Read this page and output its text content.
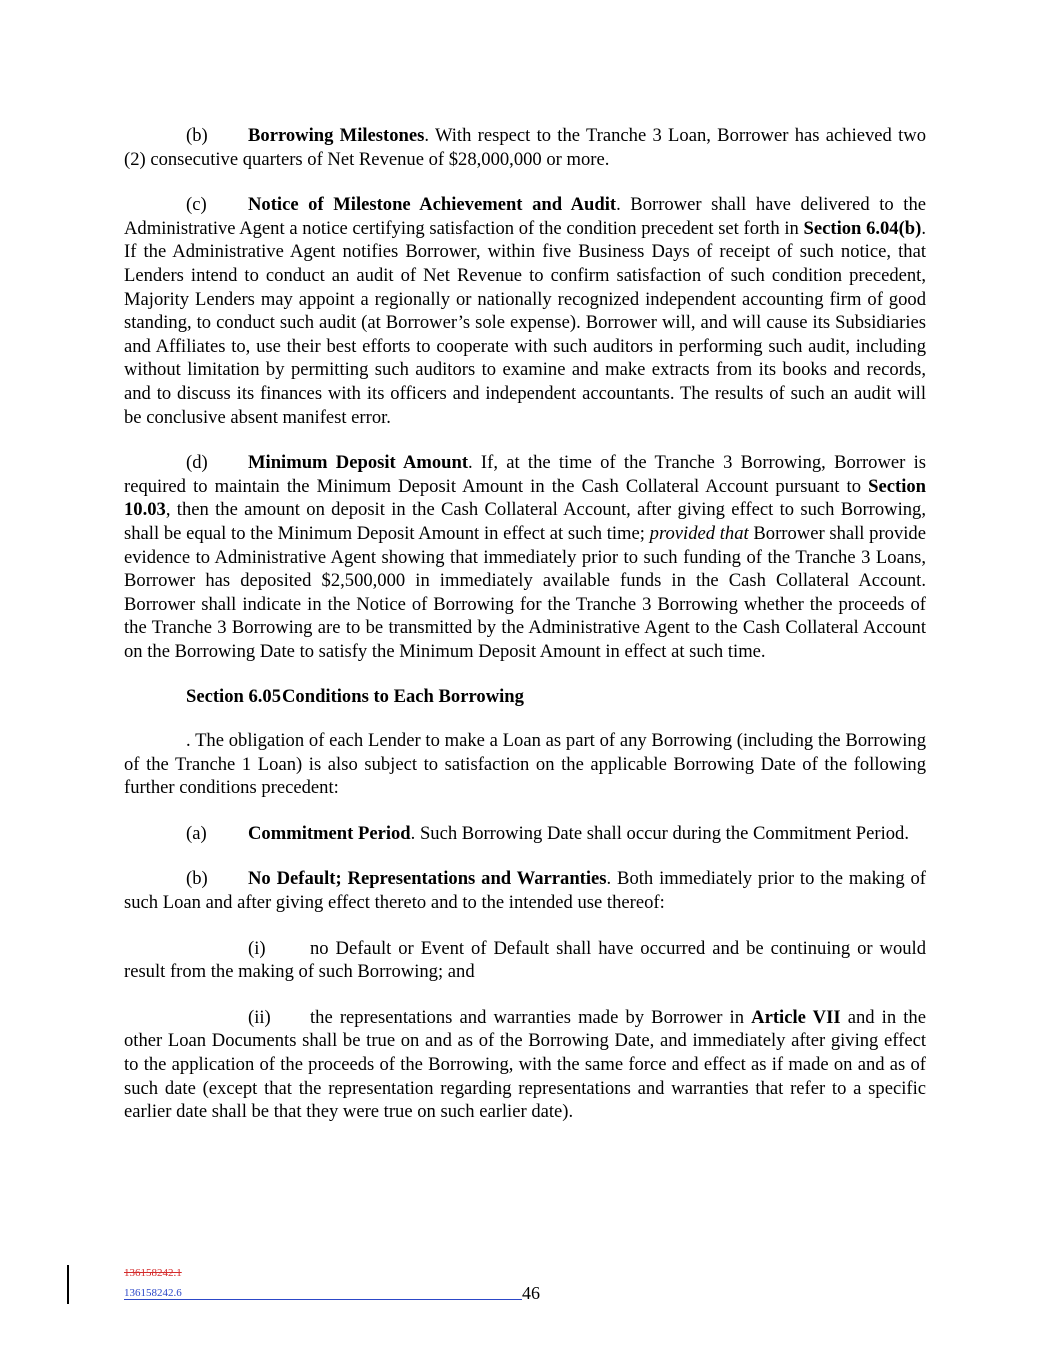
(b) Borrowing Milestones. With respect to the Tranche 3 Loan, Borrower has achieved two (2) consecutive quarters of Net Revenue of $28,000,000 or more.

(c) Notice of Milestone Achievement and Audit. Borrower shall have delivered to the Administrative Agent a notice certifying satisfaction of the condition precedent set forth in Section 6.04(b). If the Administrative Agent notifies Borrower, within five Business Days of receipt of such notice, that Lenders intend to conduct an audit of Net Revenue to confirm satisfaction of such condition precedent, Majority Lenders may appoint a regionally or nationally recognized independent accounting firm of good standing, to conduct such audit (at Borrower’s sole expense). Borrower will, and will cause its Subsidiaries and Affiliates to, use their best efforts to cooperate with such auditors in performing such audit, including without limitation by permitting such auditors to examine and make extracts from its books and records, and to discuss its finances with its officers and independent accountants. The results of such an audit will be conclusive absent manifest error.

(d) Minimum Deposit Amount. If, at the time of the Tranche 3 Borrowing, Borrower is required to maintain the Minimum Deposit Amount in the Cash Collateral Account pursuant to Section 10.03, then the amount on deposit in the Cash Collateral Account, after giving effect to such Borrowing, shall be equal to the Minimum Deposit Amount in effect at such time; provided that Borrower shall provide evidence to Administrative Agent showing that immediately prior to such funding of the Tranche 3 Loans, Borrower has deposited $2,500,000 in immediately available funds in the Cash Collateral Account. Borrower shall indicate in the Notice of Borrowing for the Tranche 3 Borrowing whether the proceeds of the Tranche 3 Borrowing are to be transmitted by the Administrative Agent to the Cash Collateral Account on the Borrowing Date to satisfy the Minimum Deposit Amount in effect at such time.

Section 6.05Conditions to Each Borrowing

. The obligation of each Lender to make a Loan as part of any Borrowing (including the Borrowing of the Tranche 1 Loan) is also subject to satisfaction on the applicable Borrowing Date of the following further conditions precedent:

(a) Commitment Period. Such Borrowing Date shall occur during the Commitment Period.

(b) No Default; Representations and Warranties. Both immediately prior to the making of such Loan and after giving effect thereto and to the intended use thereof:

(i) no Default or Event of Default shall have occurred and be continuing or would result from the making of such Borrowing; and

(ii) the representations and warranties made by Borrower in Article VII and in the other Loan Documents shall be true on and as of the Borrowing Date, and immediately after giving effect to the application of the proceeds of the Borrowing, with the same force and effect as if made on and as of such date (except that the representation regarding representations and warranties that refer to a specific earlier date shall be that they were true on such earlier date).

136158242.1
136158242.6	46
